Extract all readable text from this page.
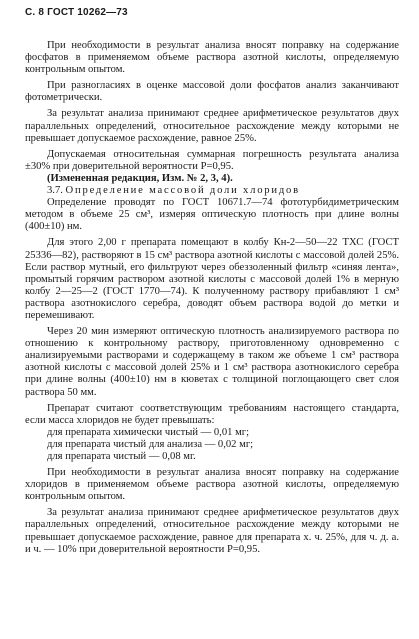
С. 8 ГОСТ 10262—73

При необходимости в результат анализа вносят поправку на содержание фосфатов в применяемом объеме раствора азотной кислоты, определяемую контрольным опытом.

При разногласиях в оценке массовой доли фосфатов анализ заканчивают фотометрически.

За результат анализа принимают среднее арифметическое результатов двух параллельных определений, относительное расхождение между которыми не превышает допускаемое расхождение, равное 25%.

Допускаемая относительная суммарная погрешность результата анализа ±30% при доверительной вероятности P=0,95.

(Измененная редакция, Изм. № 2, 3, 4).

3.7. Определение массовой доли хлоридов

Определение проводят по ГОСТ 10671.7—74 фототурбидиметрическим методом в объеме 25 см³, измеряя оптическую плотность при длине волны (400±10) нм.

Для этого 2,00 г препарата помещают в колбу Кн-2—50—22 ТХС (ГОСТ 25336—82), растворяют в 15 см³ раствора азотной кислоты с массовой долей 25%. Если раствор мутный, его фильтруют через обеззоленный фильтр «синяя лента», промытый горячим раствором азотной кислоты с массовой долей 1% в мерную колбу 2—25—2 (ГОСТ 1770—74). К полученному раствору прибавляют 1 см³ раствора азотнокислого серебра, доводят объем раствора водой до метки и перемешивают.

Через 20 мин измеряют оптическую плотность анализируемого раствора по отношению к контрольному раствору, приготовленному одновременно с анализируемыми растворами и содержащему в таком же объеме 1 см³ раствора азотной кислоты с массовой долей 25% и 1 см³ раствора азотнокислого серебра при длине волны (400±10) нм в кюветах с толщиной поглощающего свет слоя раствора 50 мм.

Препарат считают соответствующим требованиям настоящего стандарта, если масса хлоридов не будет превышать:

для препарата химически чистый — 0,01 мг;
для препарата чистый для анализа — 0,02 мг;
для препарата чистый — 0,08 мг.

При необходимости в результат анализа вносят поправку на содержание хлоридов в применяемом объеме раствора азотной кислоты, определяемую контрольным опытом.

За результат анализа принимают среднее арифметическое результатов двух параллельных определений, относительное расхождение между которыми не превышает допускаемое расхождение, равное для препарата х. ч. 25%, для ч. д. а. и ч. — 10% при доверительной вероятности P=0,95.
